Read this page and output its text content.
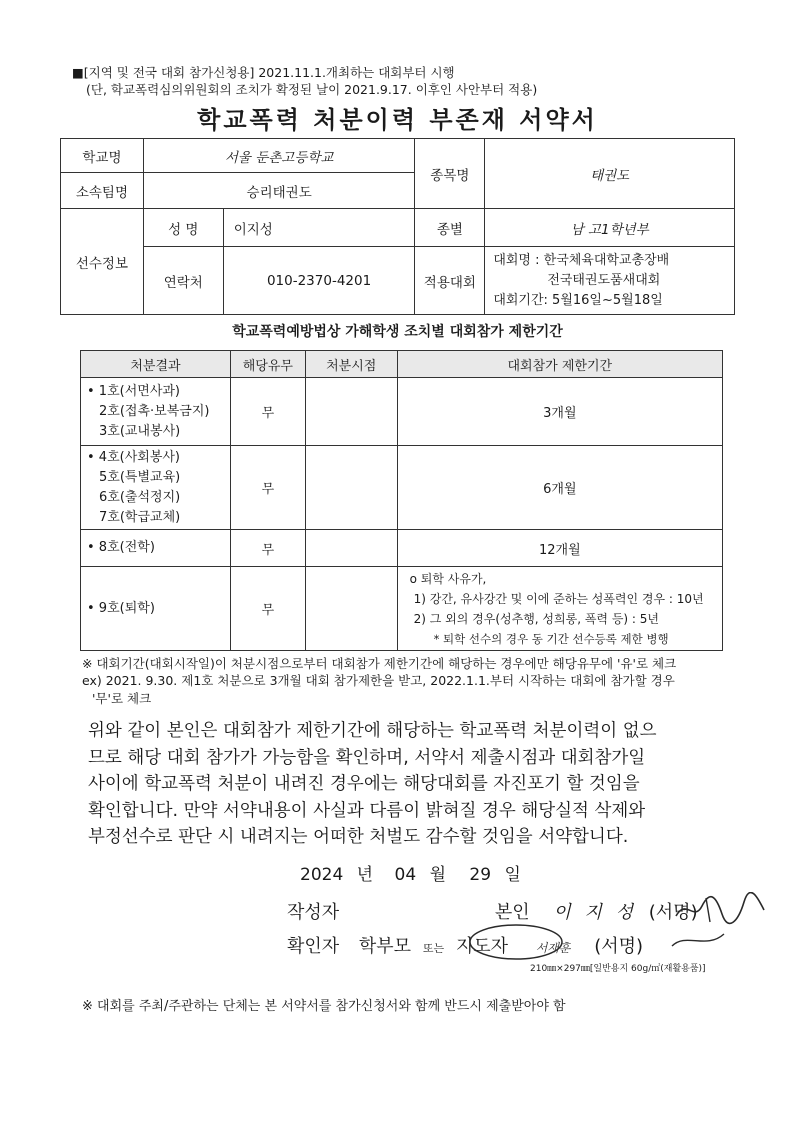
■[지역 및 전국 대회 참가신청용] 2021.11.1.개최하는 대회부터 시행
(단, 학교폭력심의위원회의 조치가 확정된 날이 2021.9.17. 이후인 사안부터 적용)
학교폭력 처분이력 부존재 서약서
학교명	서울 둔촌고등학교		종목명	태권도
소속팀명	승리태권도			
선수정보	성 명	이지성	종별	남 고1학년부
	연락처	010-2370-4201	적용대회	대회명 : 한국체육대학교총장배
전국태권도품새대회
대회기간: 5월16일~5월18일
학교폭력예방법상 가해학생 조치별 대회참가 제한기간
처분결과	해당유무	처분시점	대회참가 제한기간

• 1호(서면사과)
2호(접촉·보복금지)
3호(교내봉사)	무		3개월

• 4호(사회봉사)
5호(특별교육)
6호(출석정지)
7호(학급교체)	무		6개월

• 8호(전학)	무		12개월

• 9호(퇴학)	무		o 퇴학 사유가,
1) 강간, 유사강간 및 이에 준하는 성폭력인 경우 : 10년
2) 그 외의 경우(성추행, 성희롱, 폭력 등) : 5년
* 퇴학 선수의 경우 동 기간 선수등록 제한 병행
※ 대회기간(대회시작일)이 처분시점으로부터 대회참가 제한기간에 해당하는 경우에만 해당유무에 '유'로 체크
ex) 2021. 9.30. 제1호 처분으로 3개월 대회 참가제한을 받고, 2022.1.1.부터 시작하는 대회에 참가할 경우
'무'로 체크
위와 같이 본인은 대회참가 제한기간에 해당하는 학교폭력 처분이력이 없으
므로 해당 대회 참가가 가능함을 확인하며, 서약서 제출시점과 대회참가일
사이에 학교폭력 처분이 내려진 경우에는 해당대회를 자진포기 할 것임을
확인합니다. 만약 서약내용이 사실과 다름이 밝혀질 경우 해당실적 삭제와
부정선수로 판단 시 내려지는 어떠한 처벌도 감수할 것임을 서약합니다.
2024 년 04 월 29 일
작성자	본인 이 지 성 (서명)
확인자 학부모 또는 지도자 서재훈 (서명)
210㎜×297㎜[일반용지 60g/㎡(재활용품)]
※ 대회를 주최/주관하는 단체는 본 서약서를 참가신청서와 함께 반드시 제출받아야 함
